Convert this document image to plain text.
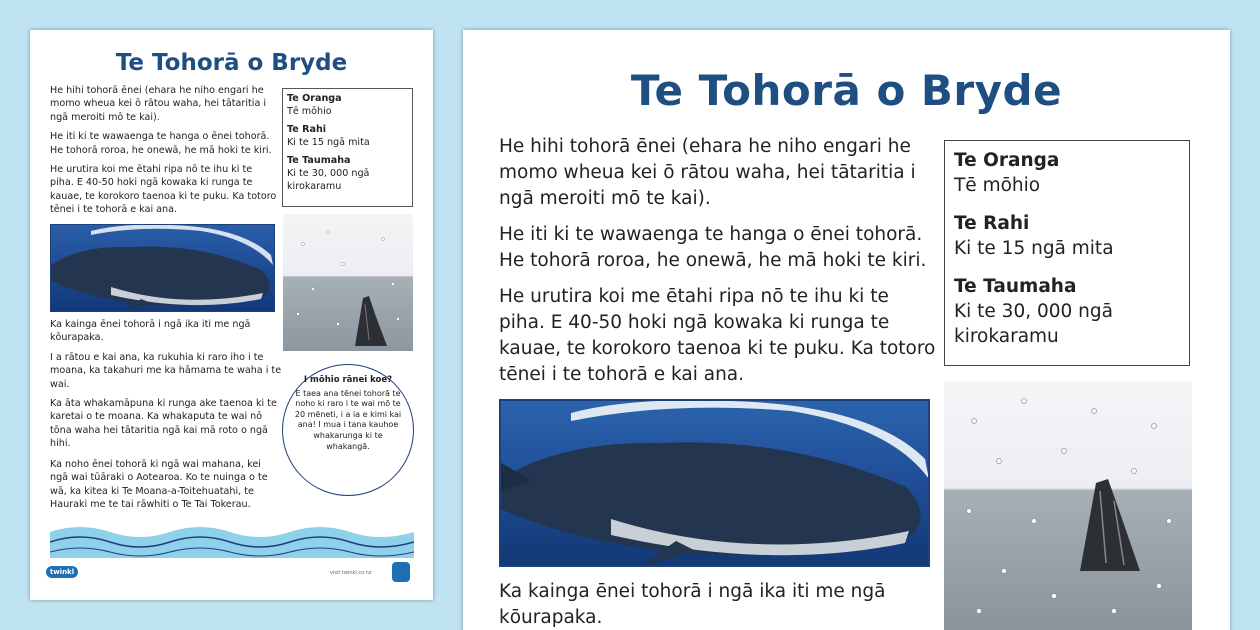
Te Tohorā o Bryde

He hihi tohorā ēnei (ehara he niho engari he momo wheua kei ō rātou waha, hei tātaritia i ngā meroiti mō te kai).

He iti ki te wawaenga te hanga o ēnei tohorā. He tohorā roroa, he onewā, he mā hoki te kiri.

He urutira koi me ētahi ripa nō te ihu ki te piha. E 40-50 hoki ngā kowaka ki runga te kauae, te korokoro taenoa ki te puku. Ka totoro tēnei i te tohorā e kai ana.

Te Oranga
Tē mōhio
Te Rahi
Ki te 15 ngā mita
Te Taumaha
Ki te 30, 000 ngā kirokaramu

Ka kainga ēnei tohorā i ngā ika iti me ngā kōurapaka.

I a rātou e kai ana, ka rukuhia ki raro iho i te moana, ka takahuri me ka hāmama te waha i te wai.

Ka āta whakamāpuna ki runga ake taenoa ki te karetai o te moana. Ka whakaputa te wai nō tōna waha hei tātaritia ngā kai mā roto o ngā hihi.

Ka noho ēnei tohorā ki ngā wai mahana, kei ngā wai tūāraki o Aotearoa. Ko te nuinga o te wā, ka kitea ki Te Moana-a-Toitehuatahi, te Hauraki me te tai rāwhiti o Te Tai Tokerau.

I mōhio rānei koe?
E taea ana tēnei tohorā te noho ki raro i te wai mō te 20 mēneti, i a ia e kimi kai ana! I mua i tana kauhoe whakarunga ki te whakangā.
twinkl	visit twinkl.co.nz
Te Tohorā o Bryde

He hihi tohorā ēnei (ehara he niho engari he momo wheua kei ō rātou waha, hei tātaritia i ngā meroiti mō te kai).

He iti ki te wawaenga te hanga o ēnei tohorā. He tohorā roroa, he onewā, he mā hoki te kiri.

He urutira koi me ētahi ripa nō te ihu ki te piha. E 40-50 hoki ngā kowaka ki runga te kauae, te korokoro taenoa ki te puku. Ka totoro tēnei i te tohorā e kai ana.

Te Oranga
Tē mōhio
Te Rahi
Ki te 15 ngā mita
Te Taumaha
Ki te 30, 000 ngā kirokaramu

Ka kainga ēnei tohorā i ngā ika iti me ngā kōurapaka.
